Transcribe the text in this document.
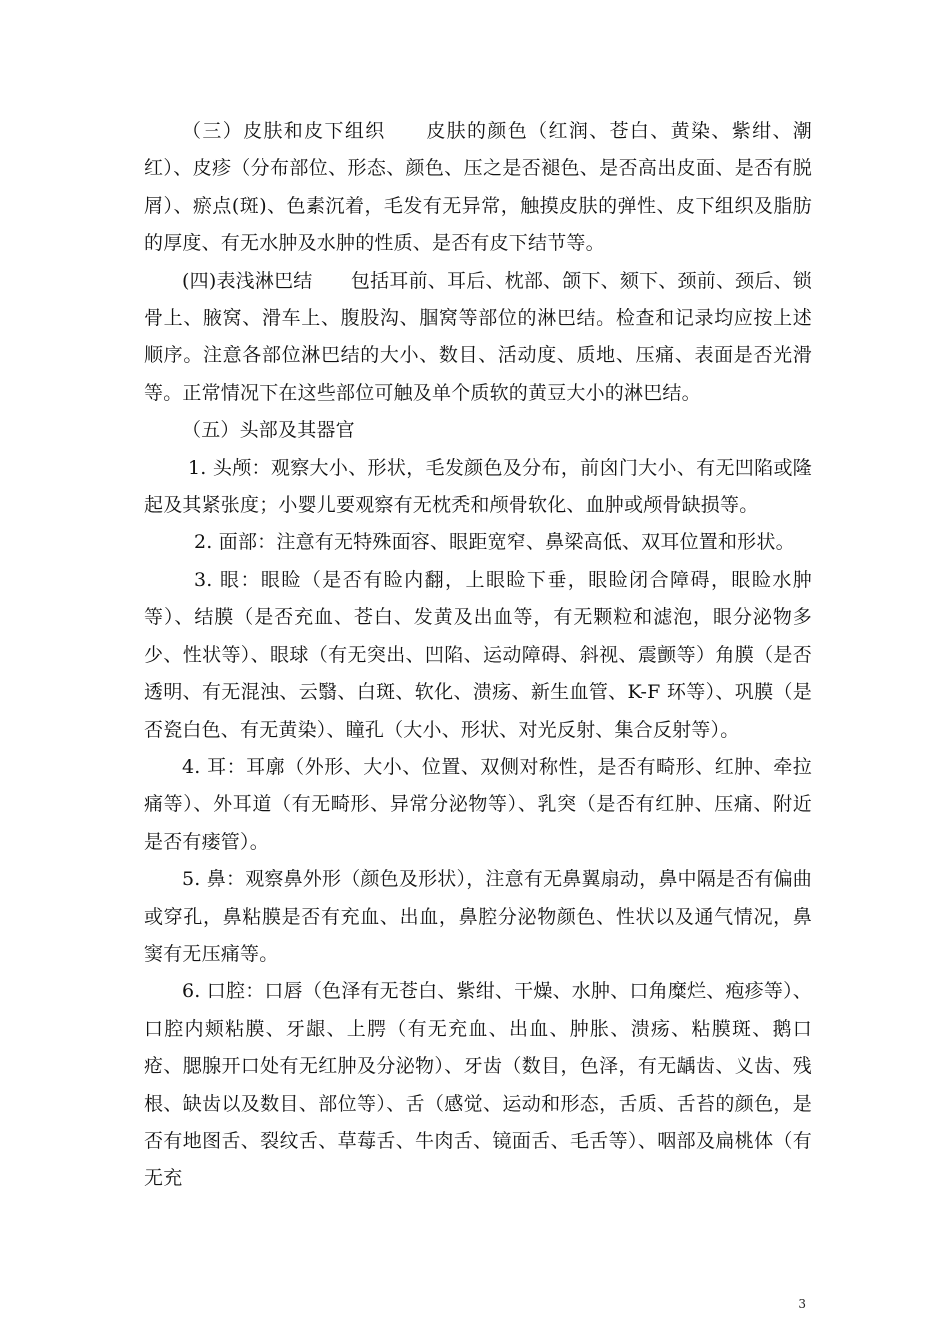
（三）皮肤和皮下组织　　皮肤的颜色（红润、苍白、黄染、紫绀、潮红）、皮疹（分布部位、形态、颜色、压之是否褪色、是否高出皮面、是否有脱屑）、瘀点(斑)、色素沉着，毛发有无异常，触摸皮肤的弹性、皮下组织及脂肪的厚度、有无水肿及水肿的性质、是否有皮下结节等。

(四)表浅淋巴结　　包括耳前、耳后、枕部、颌下、颏下、颈前、颈后、锁骨上、腋窝、滑车上、腹股沟、腘窝等部位的淋巴结。检查和记录均应按上述顺序。注意各部位淋巴结的大小、数目、活动度、质地、压痛、表面是否光滑等。正常情况下在这些部位可触及单个质软的黄豆大小的淋巴结。

（五）头部及其器官

1. 头颅：观察大小、形状，毛发颜色及分布，前囟门大小、有无凹陷或隆起及其紧张度；小婴儿要观察有无枕秃和颅骨软化、血肿或颅骨缺损等。

2. 面部：注意有无特殊面容、眼距宽窄、鼻梁高低、双耳位置和形状。

3. 眼：眼睑（是否有睑内翻，上眼睑下垂，眼睑闭合障碍，眼睑水肿等）、结膜（是否充血、苍白、发黄及出血等，有无颗粒和滤泡，眼分泌物多少、性状等）、眼球（有无突出、凹陷、运动障碍、斜视、震颤等）角膜（是否透明、有无混浊、云翳、白斑、软化、溃疡、新生血管、K-F 环等）、巩膜（是否瓷白色、有无黄染）、瞳孔（大小、形状、对光反射、集合反射等）。

4. 耳：耳廓（外形、大小、位置、双侧对称性，是否有畸形、红肿、牵拉痛等）、外耳道（有无畸形、异常分泌物等）、乳突（是否有红肿、压痛、附近是否有瘘管）。

5. 鼻：观察鼻外形（颜色及形状），注意有无鼻翼扇动，鼻中隔是否有偏曲或穿孔，鼻粘膜是否有充血、出血，鼻腔分泌物颜色、性状以及通气情况，鼻窦有无压痛等。

6. 口腔：口唇（色泽有无苍白、紫绀、干燥、水肿、口角糜烂、疱疹等）、口腔内颊粘膜、牙龈、上腭（有无充血、出血、肿胀、溃疡、粘膜斑、鹅口疮、腮腺开口处有无红肿及分泌物）、牙齿（数目，色泽，有无龋齿、义齿、残根、缺齿以及数目、部位等）、舌（感觉、运动和形态，舌质、舌苔的颜色，是否有地图舌、裂纹舌、草莓舌、牛肉舌、镜面舌、毛舌等）、咽部及扁桃体（有无充

3
